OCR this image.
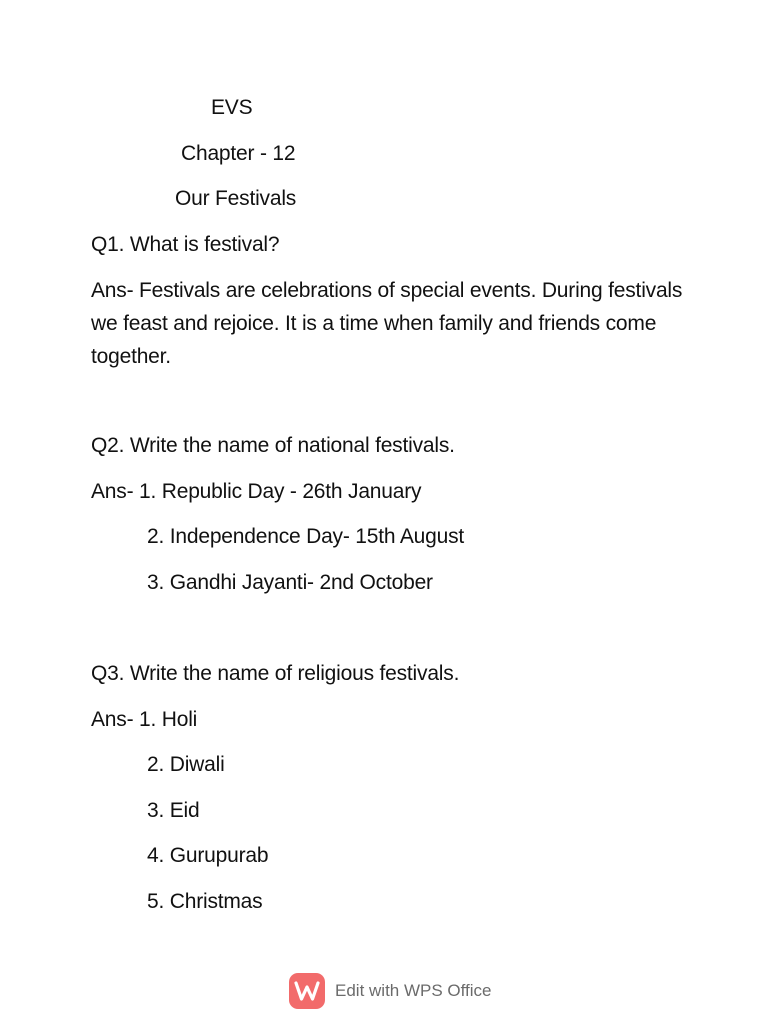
EVS
Chapter - 12
Our Festivals
Q1. What is festival?
Ans- Festivals are celebrations of special events. During festivals we feast and rejoice. It is a time when family and friends come together.
Q2. Write the name of national festivals.
Ans- 1. Republic Day - 26th January
2. Independence Day- 15th August
3. Gandhi Jayanti- 2nd October
Q3. Write the name of religious festivals.
Ans- 1. Holi
2. Diwali
3. Eid
4. Gurupurab
5. Christmas
Edit with WPS Office
